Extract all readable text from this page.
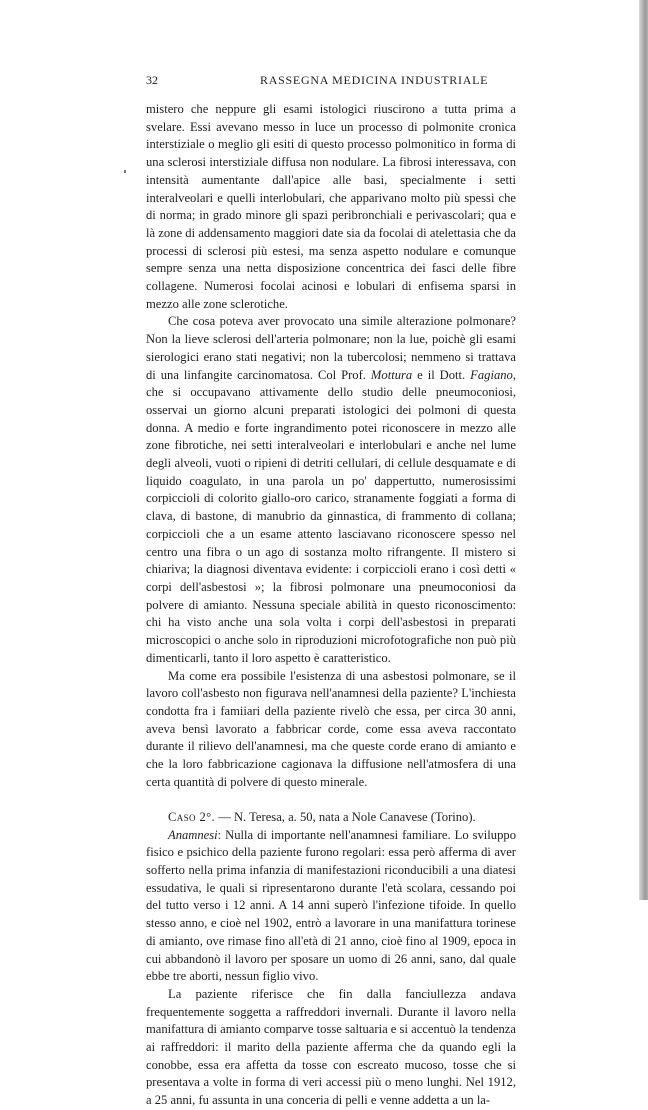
32	RASSEGNA MEDICINA INDUSTRIALE

mistero che neppure gli esami istologici riuscirono a tutta prima a svelare. Essi avevano messo in luce un processo di polmonite cronica interstiziale o meglio gli esiti di questo processo polmonitico in forma di una sclerosi interstiziale diffusa non nodulare. La fibrosi interessava, con intensità aumentante dall'apice alle basi, specialmente i setti interalveolari e quelli interlobulari, che apparivano molto più spessi che di norma; in grado minore gli spazi peribronchiali e perivascolari; qua e là zone di addensamento maggiori date sia da focolai di atelettasia che da processi di sclerosi più estesi, ma senza aspetto nodulare e comunque sempre senza una netta disposizione concentrica dei fasci delle fibre collagene. Numerosi focolai acinosi e lobulari di enfisema sparsi in mezzo alle zone sclerotiche.

Che cosa poteva aver provocato una simile alterazione polmonare? Non la lieve sclerosi dell'arteria polmonare; non la lue, poichè gli esami sierologici erano stati negativi; non la tubercolosi; nemmeno si trattava di una linfangite carcinomatosa. Col Prof. Mottura e il Dott. Fagiano, che si occupavano attivamente dello studio delle pneumoconiosi, osservai un giorno alcuni preparati istologici dei polmoni di questa donna. A medio e forte ingrandimento potei riconoscere in mezzo alle zone fibrotiche, nei setti interalveolari e interlobulari e anche nel lume degli alveoli, vuoti o ripieni di detriti cellulari, di cellule desquamate e di liquido coagulato, in una parola un po' dappertutto, numerosissimi corpiccioli di colorito giallo-oro carico, stranamente foggiati a forma di clava, di bastone, di manubrio da ginnastica, di frammento di collana; corpiccioli che a un esame attento lasciavano riconoscere spesso nel centro una fibra o un ago di sostanza molto rifrangente. Il mistero si chiariva; la diagnosi diventava evidente: i corpiccioli erano i così detti « corpi dell'asbestosi »; la fibrosi polmonare una pneumoconiosi da polvere di amianto. Nessuna speciale abilità in questo riconoscimento: chi ha visto anche una sola volta i corpi dell'asbestosi in preparati microscopici o anche solo in riproduzioni microfotografiche non può più dimenticarli, tanto il loro aspetto è caratteristico.

Ma come era possibile l'esistenza di una asbestosi polmonare, se il lavoro coll'asbesto non figurava nell'anamnesi della paziente? L'inchiesta condotta fra i famiiari della paziente rivelò che essa, per circa 30 anni, aveva bensì lavorato a fabbricar corde, come essa aveva raccontato durante il rilievo dell'anamnesi, ma che queste corde erano di amianto e che la loro fabbricazione cagionava la diffusione nell'atmosfera di una certa quantità di polvere di questo minerale.

Caso 2°. — N. Teresa, a. 50, nata a Nole Canavese (Torino).

Anamnesi: Nulla di importante nell'anamnesi familiare. Lo sviluppo fisico e psichico della paziente furono regolari: essa però afferma di aver sofferto nella prima infanzia di manifestazioni riconducibili a una diatesi essudativa, le quali si ripresentarono durante l'età scolara, cessando poi del tutto verso i 12 anni. A 14 anni superò l'infezione tifoide. In quello stesso anno, e cioè nel 1902, entrò a lavorare in una manifattura torinese di amianto, ove rimase fino all'età di 21 anno, cioè fino al 1909, epoca in cui abbandonò il lavoro per sposare un uomo di 26 anni, sano, dal quale ebbe tre aborti, nessun figlio vivo.

La paziente riferisce che fin dalla fanciullezza andava frequentemente soggetta a raffreddori invernali. Durante il lavoro nella manifattura di amianto comparve tosse saltuaria e si accentuò la tendenza ai raffreddori: il marito della paziente afferma che da quando egli la conobbe, essa era affetta da tosse con escreato mucoso, tosse che si presentava a volte in forma di veri accessi più o meno lunghi. Nel 1912, a 25 anni, fu assunta in una conceria di pelli e venne addetta a un la-
